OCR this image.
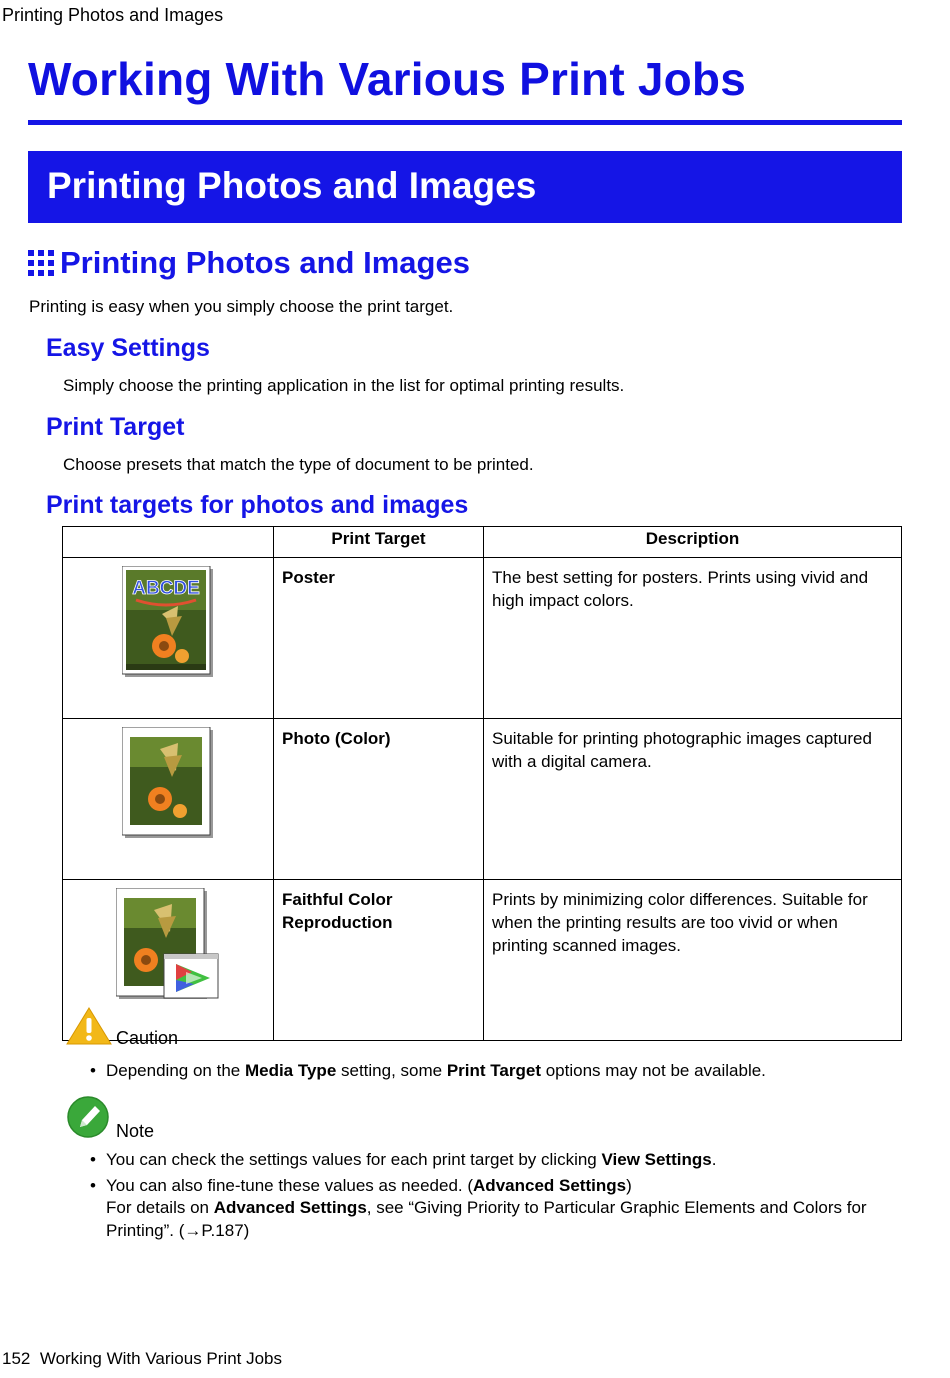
Printing Photos and Images
Working With Various Print Jobs
Printing Photos and Images
Printing Photos and Images
Printing is easy when you simply choose the print target.
Easy Settings
Simply choose the printing application in the list for optimal printing results.
Print Target
Choose presets that match the type of document to be printed.
Print targets for photos and images
	Print Target	Description

ABCDE	Poster	The best setting for posters. Prints using vivid and high impact colors.
	Photo (Color)	Suitable for printing photographic images captured with a digital camera.
	Faithful Color Reproduction	Prints by minimizing color differences. Suitable for when the printing results are too vivid or when printing scanned images.
Caution
• Depending on the Media Type setting, some Print Target options may not be available.
Note
• You can check the settings values for each print target by clicking View Settings.
• You can also fine-tune these values as needed. (Advanced Settings)
For details on Advanced Settings, see “Giving Priority to Particular Graphic Elements and Colors for Printing”. (→P.187)
152 Working With Various Print Jobs
